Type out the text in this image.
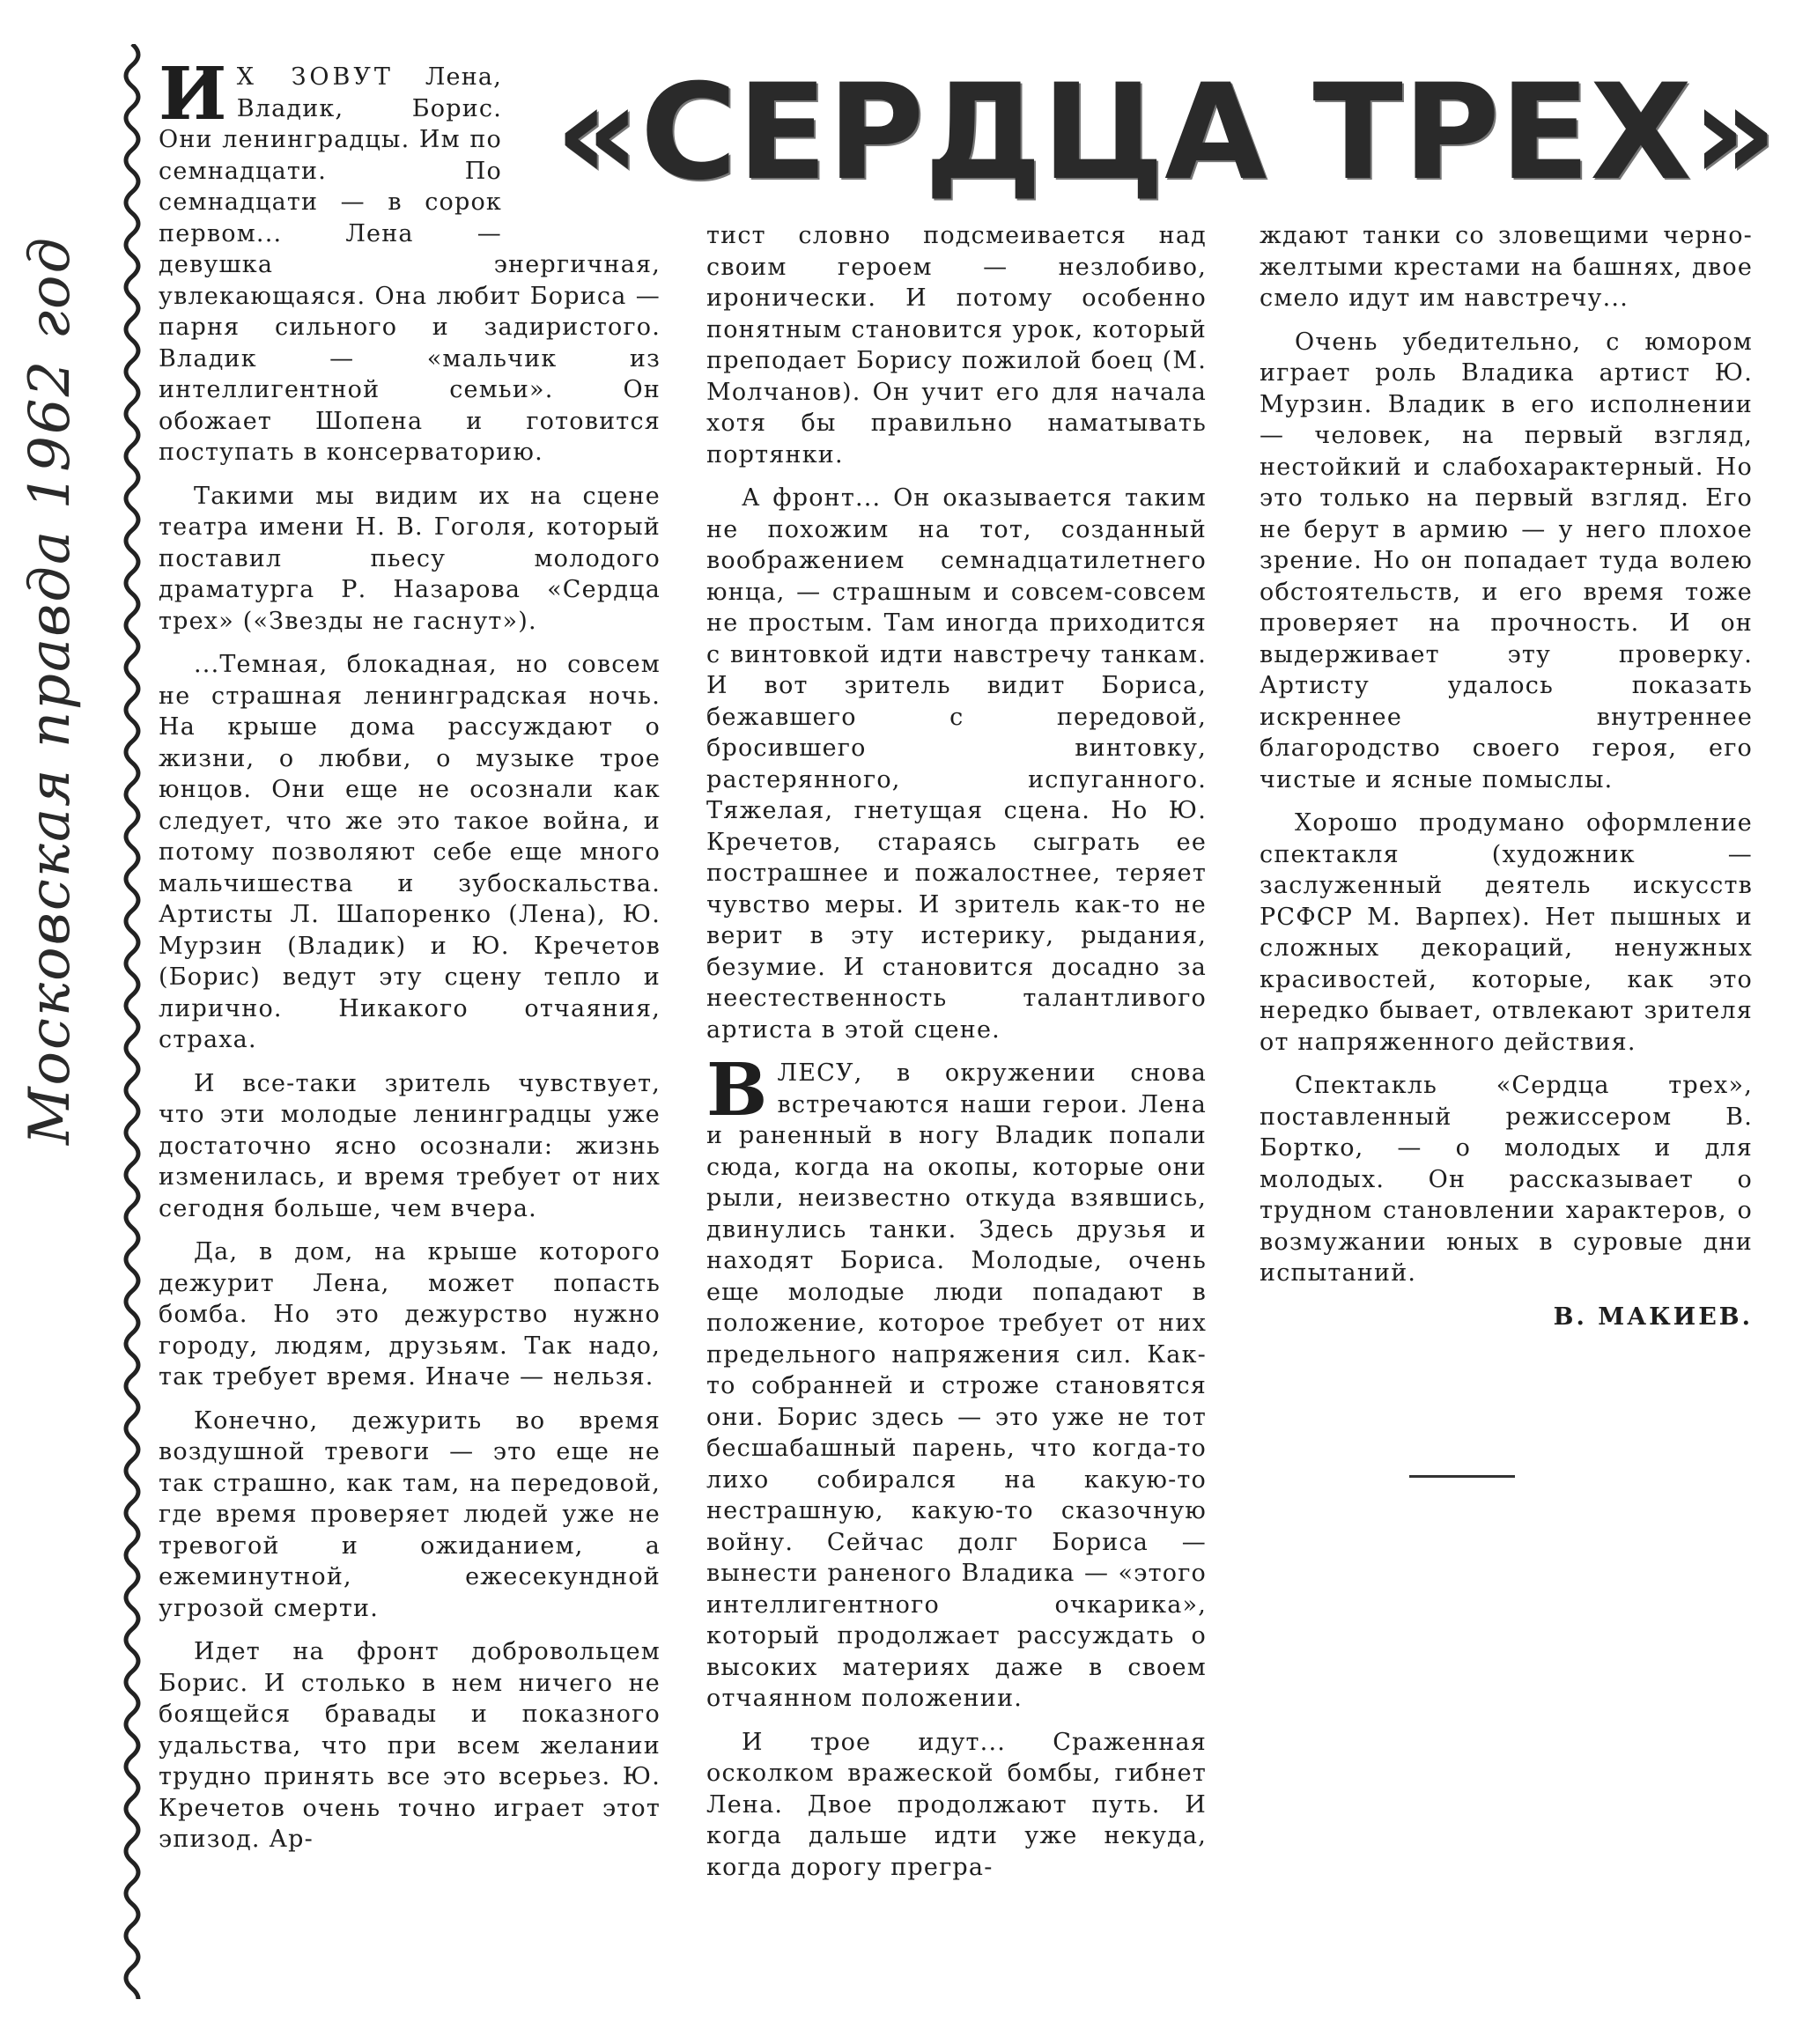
Московская правда 1962 год
«СЕРДЦА ТРЕХ»

И Х ЗОВУТ Лена, Владик, Борис. Они ленинградцы. Им по семнадцати. По семнадцати — в сорок первом... Лена — девушка энергичная, увлекающаяся. Она любит Бориса — парня сильного и задиристого. Владик — «мальчик из интеллигентной семьи». Он обожает Шопена и готовится поступать в консерваторию.

Такими мы видим их на сцене театра имени Н. В. Гоголя, который поставил пьесу молодого драматурга Р. Назарова «Сердца трех» («Звезды не гаснут»).

...Темная, блокадная, но совсем не страшная ленинградская ночь. На крыше дома рассуждают о жизни, о любви, о музыке трое юнцов. Они еще не осознали как следует, что же это такое война, и потому позволяют себе еще много мальчишества и зубоскальства. Артисты Л. Шапоренко (Лена), Ю. Мурзин (Владик) и Ю. Кречетов (Борис) ведут эту сцену тепло и лирично. Никакого отчаяния, страха.

И все-таки зритель чувствует, что эти молодые ленинградцы уже достаточно ясно осознали: жизнь изменилась, и время требует от них сегодня больше, чем вчера.

Да, в дом, на крыше которого дежурит Лена, может попасть бомба. Но это дежурство нужно городу, людям, друзьям. Так надо, так требует время. Иначе — нельзя.

Конечно, дежурить во время воздушной тревоги — это еще не так страшно, как там, на передовой, где время проверяет людей уже не тревогой и ожиданием, а ежеминутной, ежесекундной угрозой смерти.

Идет на фронт добровольцем Борис. И столько в нем ничего не боящейся бравады и показного удальства, что при всем желании трудно принять все это всерьез. Ю. Кречетов очень точно играет этот эпизод. Ар-

тист словно подсмеивается над своим героем — незлобиво, иронически. И потому особенно понятным становится урок, который преподает Борису пожилой боец (М. Молчанов). Он учит его для начала хотя бы правильно наматывать портянки.

А фронт... Он оказывается таким не похожим на тот, созданный воображением семнадцатилетнего юнца, — страшным и совсем-совсем не простым. Там иногда приходится с винтовкой идти навстречу танкам. И вот зритель видит Бориса, бежавшего с передовой, бросившего винтовку, растерянного, испуганного. Тяжелая, гнетущая сцена. Но Ю. Кречетов, стараясь сыграть ее пострашнее и пожалостнее, теряет чувство меры. И зритель как-то не верит в эту истерику, рыдания, безумие. И становится досадно за неестественность талантливого артиста в этой сцене.

ВЛЕСУ, в окружении снова встречаются наши герои. Лена и раненный в ногу Владик попали сюда, когда на окопы, которые они рыли, неизвестно откуда взявшись, двинулись танки. Здесь друзья и находят Бориса. Молодые, очень еще молодые люди попадают в положение, которое требует от них предельного напряжения сил. Как-то собранней и строже становятся они. Борис здесь — это уже не тот бесшабашный парень, что когда-то лихо собирался на какую-то нестрашную, какую-то сказочную войну. Сейчас долг Бориса — вынести раненого Владика — «этого интеллигентного очкарика», который продолжает рассуждать о высоких материях даже в своем отчаянном положении.

И трое идут... Сраженная осколком вражеской бомбы, гибнет Лена. Двое продолжают путь. И когда дальше идти уже некуда, когда дорогу прегра-

ждают танки со зловещими черно-желтыми крестами на башнях, двое смело идут им навстречу...

Очень убедительно, с юмором играет роль Владика артист Ю. Мурзин. Владик в его исполнении — человек, на первый взгляд, нестойкий и слабохарактерный. Но это только на первый взгляд. Его не берут в армию — у него плохое зрение. Но он попадает туда волею обстоятельств, и его время тоже проверяет на прочность. И он выдерживает эту проверку. Артисту удалось показать искреннее внутреннее благородство своего героя, его чистые и ясные помыслы.

Хорошо продумано оформление спектакля (художник — заслуженный деятель искусств РСФСР М. Варпех). Нет пышных и сложных декораций, ненужных красивостей, которые, как это нередко бывает, отвлекают зрителя от напряженного действия.

Спектакль «Сердца трех», поставленный режиссером В. Бортко, — о молодых и для молодых. Он рассказывает о трудном становлении характеров, о возмужании юных в суровые дни испытаний.

В. МАКИЕВ.
